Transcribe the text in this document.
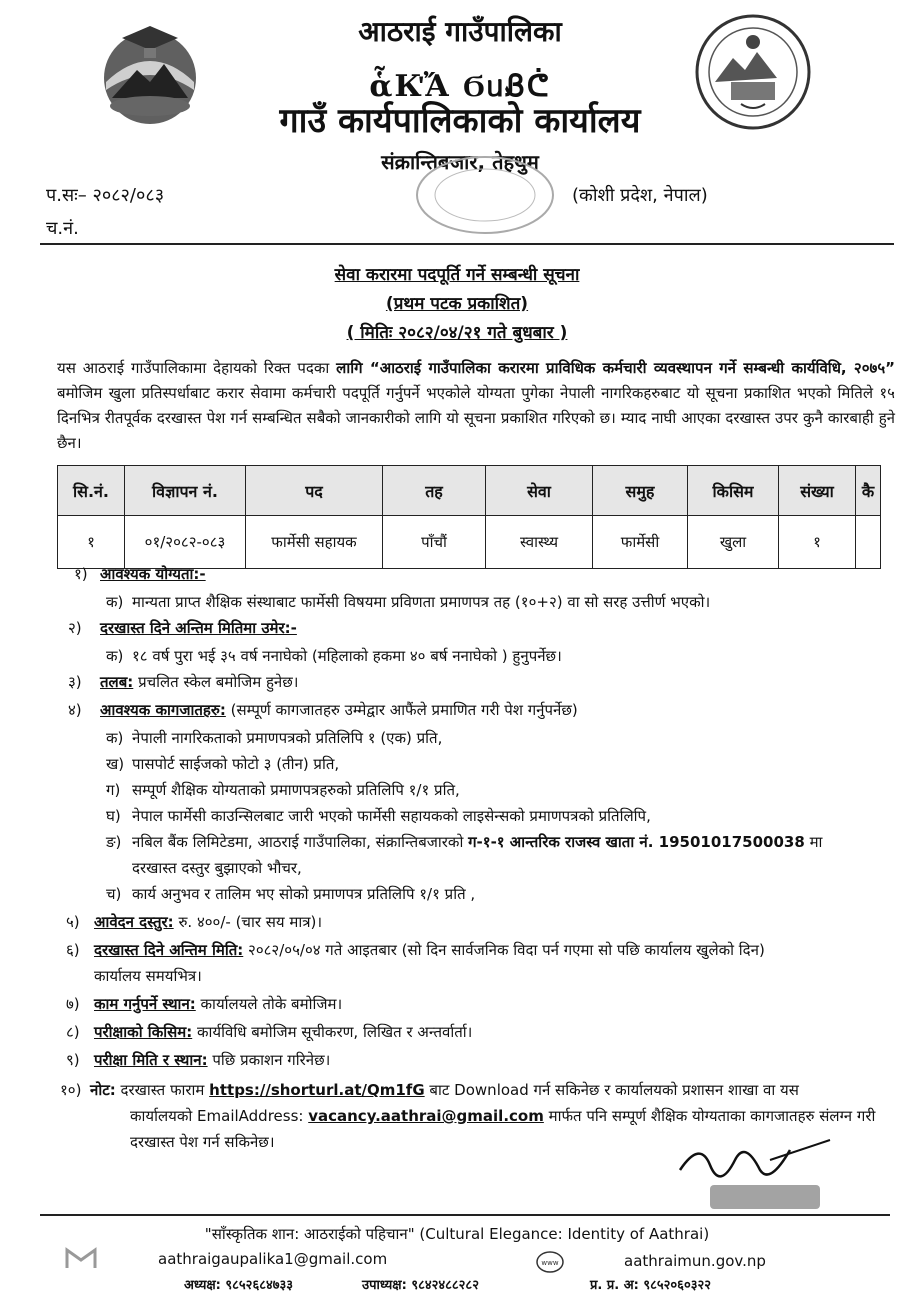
आठराई गाउँपालिका
ἇКᡃἌ ϬᥙᏰᕧ
गाउँ कार्यपालिकाको कार्यालय
संक्रान्तिबजार, तेहथुम
प.सः– २०८२/०८३
च.नं.
(कोशी प्रदेश, नेपाल)
सेवा करारमा पदपूर्ति गर्ने सम्बन्धी सूचना
(प्रथम पटक प्रकाशित)
( मितिः २०८२/०४/२१ गते बुधबार )
यस आठराई गाउँपालिकामा देहायको रिक्त पदका लागि “आठराई गाउँपालिका करारमा प्राविधिक कर्मचारी व्यवस्थापन गर्ने सम्बन्धी कार्यविधि, २०७५” बमोजिम खुला प्रतिस्पर्धाबाट करार सेवामा कर्मचारी पदपूर्ति गर्नुपर्ने भएकोले योग्यता पुगेका नेपाली नागरिकहरुबाट यो सूचना प्रकाशित भएको मितिले १५ दिनभित्र रीतपूर्वक दरखास्त पेश गर्न सम्बन्धित सबैको जानकारीको लागि यो सूचना प्रकाशित गरिएको छ। म्याद नाघी आएका दरखास्त उपर कुनै कारबाही हुने छैन।
सि.नं.	विज्ञापन नं.	पद	तह	सेवा	समुह	किसिम	संख्या	कै
१	०१/२०८२-०८३	फार्मेसी सहायक	पाँचौं	स्वास्थ्य	फार्मेसी	खुला	१	
१) आवश्यक योग्यता:-
क) मान्यता प्राप्त शैक्षिक संस्थाबाट फार्मेसी विषयमा प्रविणता प्रमाणपत्र तह (१०+२) वा सो सरह उत्तीर्ण भएको।
२) दरखास्त दिने अन्तिम मितिमा उमेर:-
क) १८ वर्ष पुरा भई ३५ वर्ष ननाघेको (महिलाको हकमा ४० बर्ष ननाघेको ) हुनुपर्नेछ।
३) तलब: प्रचलित स्केल बमोजिम हुनेछ।
४) आवश्यक कागजातहरु: (सम्पूर्ण कागजातहरु उम्मेद्वार आफैंले प्रमाणित गरी पेश गर्नुपर्नेछ)
क) नेपाली नागरिकताको प्रमाणपत्रको प्रतिलिपि १ (एक) प्रति,
ख) पासपोर्ट साईजको फोटो ३ (तीन) प्रति,
ग) सम्पूर्ण शैक्षिक योग्यताको प्रमाणपत्रहरुको प्रतिलिपि १/१ प्रति,
घ) नेपाल फार्मेसी काउन्सिलबाट जारी भएको फार्मेसी सहायकको लाइसेन्सको प्रमाणपत्रको प्रतिलिपि,
ङ) नबिल बैंक लिमिटेडमा, आठराई गाउँपालिका, संक्रान्तिबजारको ग-१-१ आन्तरिक राजस्व खाता नं. 19501017500038 मा
दरखास्त दस्तुर बुझाएको भौचर,
च) कार्य अनुभव र तालिम भए सोको प्रमाणपत्र प्रतिलिपि १/१ प्रति ,
५) आवेदन दस्तुर: रु. ४००/- (चार सय मात्र)।
६) दरखास्त दिने अन्तिम मिति: २०८२/०५/०४ गते आइतबार (सो दिन सार्वजनिक विदा पर्न गएमा सो पछि कार्यालय खुलेको दिन)
कार्यालय समयभित्र।
७) काम गर्नुपर्ने स्थान: कार्यालयले तोके बमोजिम।
८) परीक्षाको किसिम: कार्यविधि बमोजिम सूचीकरण, लिखित र अन्तर्वार्ता।
९) परीक्षा मिति र स्थान: पछि प्रकाशन गरिनेछ।
१०) नोट: दरखास्त फाराम https://shorturl.at/Qm1fG बाट Download गर्न सकिनेछ र कार्यालयको प्रशासन शाखा वा यस
कार्यालयको EmailAddress: vacancy.aathrai@gmail.com मार्फत पनि सम्पूर्ण शैक्षिक योग्यताका कागजातहरु संलग्न गरी
दरखास्त पेश गर्न सकिनेछ।
"साँस्कृतिक शान: आठराईको पहिचान" (Cultural Elegance: Identity of Aathrai)
aathraigaupalika1@gmail.com	www	aathraimun.gov.np
अध्यक्ष: ९८५२६८४७३३	उपाध्यक्ष: ९८४२४८८२८२	प्र. प्र. अ: ९८५२०६०३२२
